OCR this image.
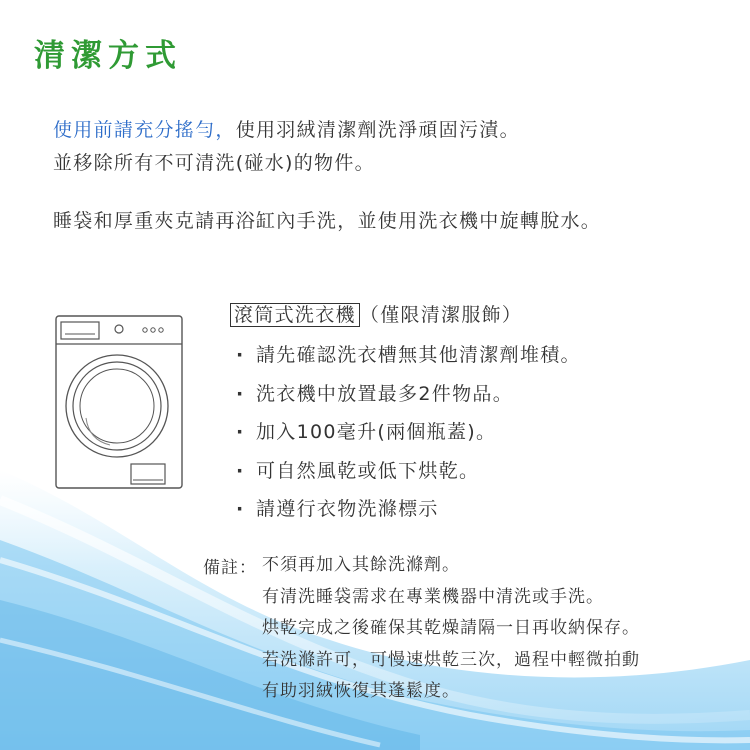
清潔方式
使用前請充分搖勻，使用羽絨清潔劑洗淨頑固污漬。
並移除所有不可清洗(碰水)的物件。
睡袋和厚重夾克請再浴缸內手洗，並使用洗衣機中旋轉脫水。
滾筒式洗衣機 （僅限清潔服飾）
· 請先確認洗衣槽無其他清潔劑堆積。
· 洗衣機中放置最多2件物品。
· 加入100毫升(兩個瓶蓋)。
· 可自然風乾或低下烘乾。
· 請遵行衣物洗滌標示
備註： 不須再加入其餘洗滌劑。
有清洗睡袋需求在專業機器中清洗或手洗。
烘乾完成之後確保其乾燥請隔一日再收納保存。
若洗滌許可，可慢速烘乾三次，過程中輕微拍動
有助羽絨恢復其蓬鬆度。
